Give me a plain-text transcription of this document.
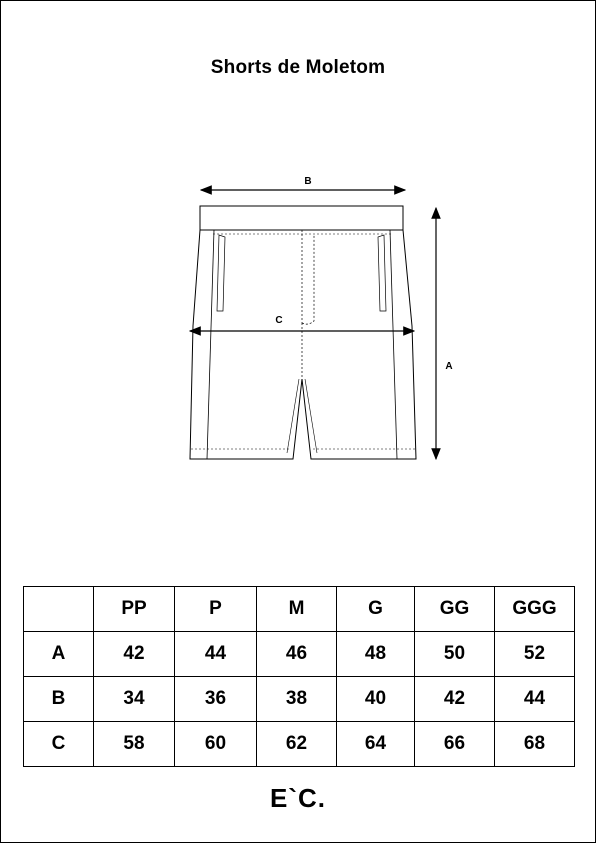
Shorts de Moletom
B
C
A
	PP	P	M	G	GG	GGG
A	42	44	46	48	50	52
B	34	36	38	40	42	44
C	58	60	62	64	66	68
E`C.
